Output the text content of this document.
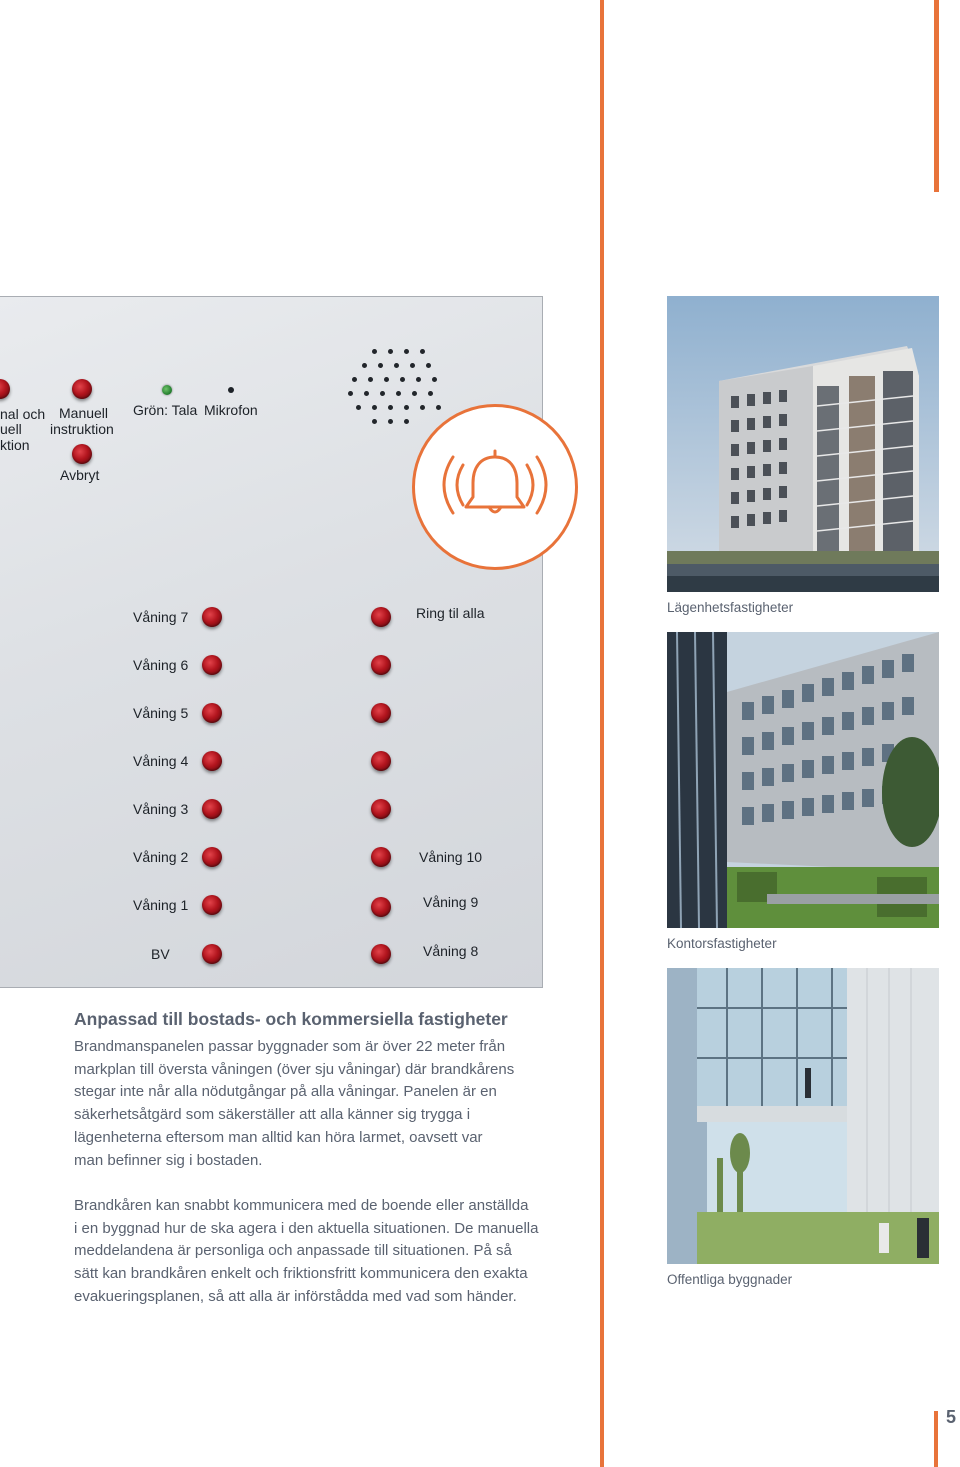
nal och
uell
ktion
Manuell
instruktion
Avbryt
Grön: Tala Mikrofon
Våning 7
Våning 6
Våning 5
Våning 4
Våning 3
Våning 2
Våning 1
BV
Ring til alla
Våning 10
Våning 9
Våning 8
Lägenhetsfastigheter
Kontorsfastigheter
Offentliga byggnader
Anpassad till bostads- och kommersiella fastigheter
Brandmanspanelen passar byggnader som är över 22 meter från
markplan till översta våningen (över sju våningar) där brandkårens
stegar inte når alla nödutgångar på alla våningar. Panelen är en
säkerhetsåtgärd som säkerställer att alla känner sig trygga i
lägenheterna eftersom man alltid kan höra larmet, oavsett var
man befinner sig i bostaden.
Brandkåren kan snabbt kommunicera med de boende eller anställda
i en byggnad hur de ska agera i den aktuella situationen. De manuella
meddelandena är personliga och anpassade till situationen. På så
sätt kan brandkåren enkelt och friktionsfritt kommunicera den exakta
evakueringsplanen, så att alla är införstådda med vad som händer.
5
